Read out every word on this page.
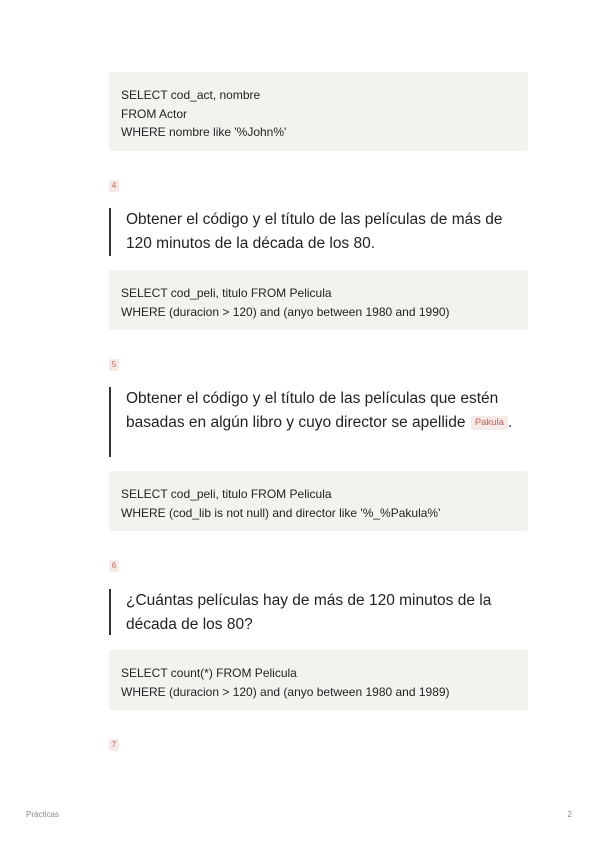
SELECT cod_act, nombre
FROM Actor
WHERE nombre like '%John%'
4
Obtener el código y el título de las películas de más de 120 minutos de la década de los 80.
SELECT cod_peli, titulo FROM Pelicula
WHERE (duracion > 120) and (anyo between 1980 and 1990)
5
Obtener el código y el título de las películas que estén basadas en algún libro y cuyo director se apellide Pakula .
SELECT cod_peli, titulo FROM Pelicula
WHERE (cod_lib is not null) and director like '%_%Pakula%'
6
¿Cuántas películas hay de más de 120 minutos de la década de los 80?
SELECT count(*) FROM Pelicula
WHERE (duracion > 120) and (anyo between 1980 and 1989)
7
Prácticas	2
